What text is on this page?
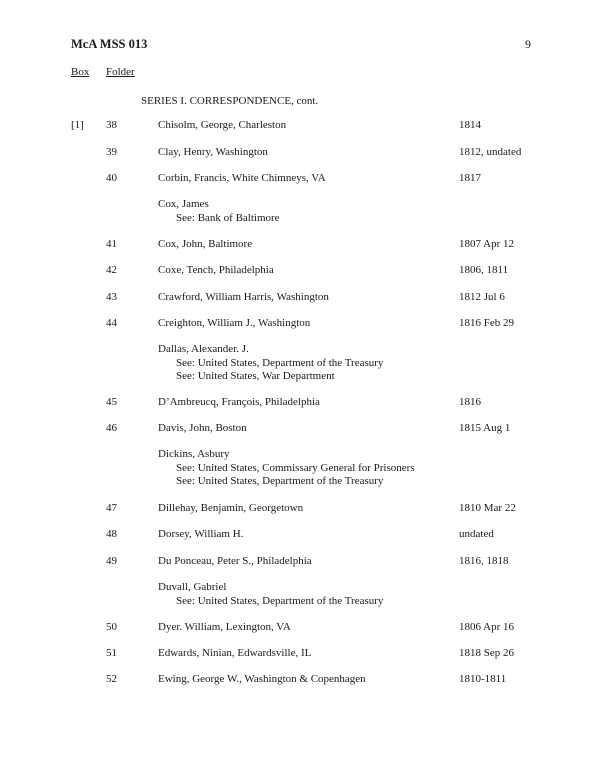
McA MSS 013	9
Box Folder
SERIES I. CORRESPONDENCE, cont.
[1] 38	Chisolm, George, Charleston	1814
39	Clay, Henry, Washington	1812, undated
40	Corbin, Francis, White Chimneys, VA	1817
Cox, James
See: Bank of Baltimore
41	Cox, John, Baltimore	1807 Apr 12
42	Coxe, Tench, Philadelphia	1806, 1811
43	Crawford, William Harris, Washington	1812 Jul 6
44	Creighton, William J., Washington	1816 Feb 29
Dallas, Alexander. J.
See: United States, Department of the Treasury
See: United States, War Department
45	D’Ambreucq, François, Philadelphia	1816
46	Davis, John, Boston	1815 Aug 1
Dickins, Asbury
See: United States, Commissary General for Prisoners
See: United States, Department of the Treasury
47	Dillehay, Benjamin, Georgetown	1810 Mar 22
48	Dorsey, William H.	undated
49	Du Ponceau, Peter S., Philadelphia	1816, 1818
Duvall, Gabriel
See: United States, Department of the Treasury
50	Dyer. William, Lexington, VA	1806 Apr 16
51	Edwards, Ninian, Edwardsville, IL	1818 Sep 26
52	Ewing, George W., Washington & Copenhagen	1810-1811
